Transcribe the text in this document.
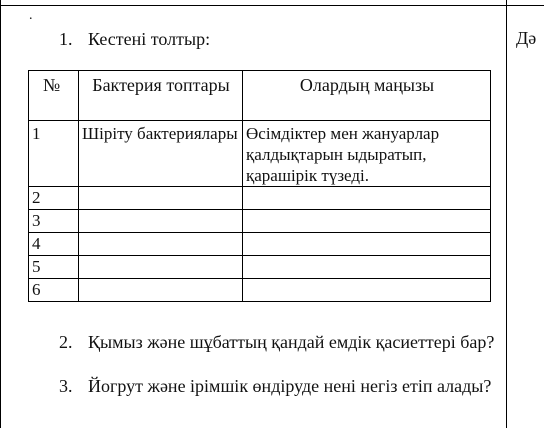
.
Дә
1. Кестені толтыр:
№	Бактерия топтары	Олардың маңызы
1	Шіріту бактериялары	Өсімдіктер мен жануарлар қалдықтарын ыдыратып, қарашірік түзеді.
2		
3		
4		
5		
6		
2. Қымыз және шұбаттың қандай емдік қасиеттері бар?
3. Йогрут және ірімшік өндіруде нені негіз етіп алады?
